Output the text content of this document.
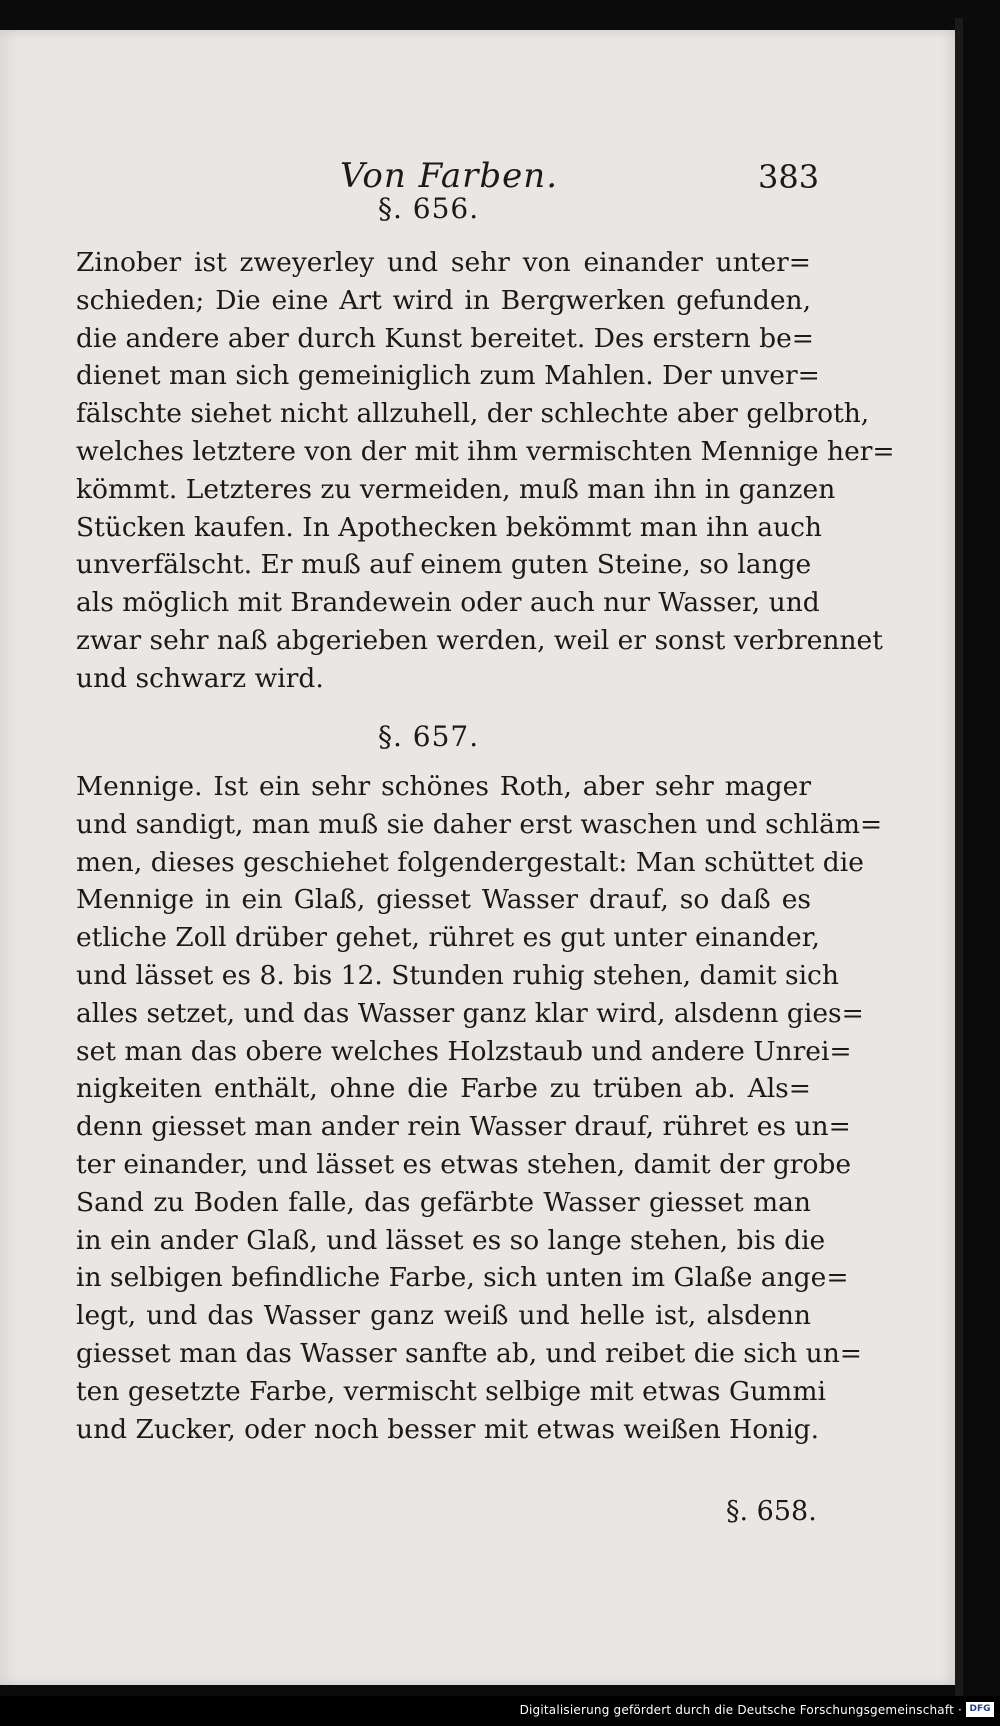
Von Farben.	383
§. 656.
Zinober ist zweyerley und sehr von einander unter=
schieden; Die eine Art wird in Bergwerken gefunden,
die andere aber durch Kunst bereitet. Des erstern be=
dienet man sich gemeiniglich zum Mahlen. Der unver=
fälschte siehet nicht allzuhell, der schlechte aber gelbroth,
welches letztere von der mit ihm vermischten Mennige her=
kömmt. Letzteres zu vermeiden, muß man ihn in ganzen
Stücken kaufen. In Apothecken bekömmt man ihn auch
unverfälscht. Er muß auf einem guten Steine, so lange
als möglich mit Brandewein oder auch nur Wasser, und
zwar sehr naß abgerieben werden, weil er sonst verbrennet
und schwarz wird.
§. 657.
Mennige. Ist ein sehr schönes Roth, aber sehr mager
und sandigt, man muß sie daher erst waschen und schläm=
men, dieses geschiehet folgendergestalt: Man schüttet die
Mennige in ein Glaß, giesset Wasser drauf, so daß es
etliche Zoll drüber gehet, rühret es gut unter einander,
und lässet es 8. bis 12. Stunden ruhig stehen, damit sich
alles setzet, und das Wasser ganz klar wird, alsdenn gies=
set man das obere welches Holzstaub und andere Unrei=
nigkeiten enthält, ohne die Farbe zu trüben ab. Als=
denn giesset man ander rein Wasser drauf, rühret es un=
ter einander, und lässet es etwas stehen, damit der grobe
Sand zu Boden falle, das gefärbte Wasser giesset man
in ein ander Glaß, und lässet es so lange stehen, bis die
in selbigen befindliche Farbe, sich unten im Glaße ange=
legt, und das Wasser ganz weiß und helle ist, alsdenn
giesset man das Wasser sanfte ab, und reibet die sich un=
ten gesetzte Farbe, vermischt selbige mit etwas Gummi
und Zucker, oder noch besser mit etwas weißen Honig.
§. 658.
Digitalisierung gefördert durch die Deutsche Forschungsgemeinschaft · DFG
